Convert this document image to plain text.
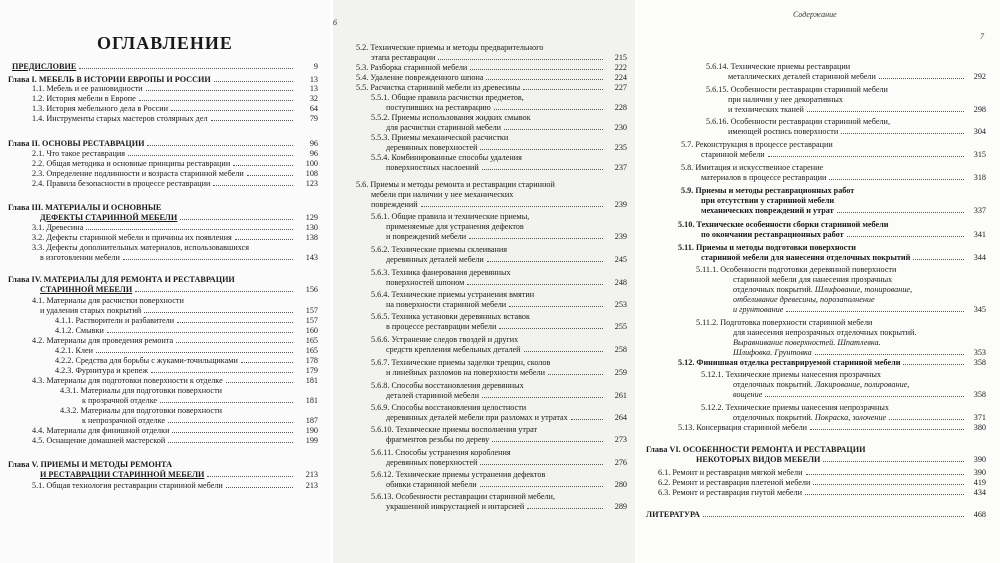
ОГЛАВЛЕНИЕ
ПРЕДИСЛОВИЕ	9
Глава I. МЕБЕЛЬ В ИСТОРИИ ЕВРОПЫ И РОССИИ	13
1.1. Мебель и ее разновидности	13
1.2. История мебели в Европе	32
1.3. История мебельного дела в России	64
1.4. Инструменты старых мастеров столярных дел	79
Глава II. ОСНОВЫ РЕСТАВРАЦИИ	96
2.1. Что такое реставрация	96
2.2. Общая методика и основные принципы реставрации	100
2.3. Определение подлинности и возраста старинной мебели	108
2.4. Правила безопасности в процессе реставрации	123
Глава III. МАТЕРИАЛЫ И ОСНОВНЫЕ
ДЕФЕКТЫ СТАРИННОЙ МЕБЕЛИ	129
3.1. Древесина	130
3.2. Дефекты старинной мебели и причины их появления	138
3.3. Дефекты дополнительных материалов, использовавшихся
в изготовлении мебели	143
Глава IV. МАТЕРИАЛЫ ДЛЯ РЕМОНТА И РЕСТАВРАЦИИ
СТАРИННОЙ МЕБЕЛИ	156
4.1. Материалы для расчистки поверхности
и удаления старых покрытий	157
4.1.1. Растворители и разбавители	157
4.1.2. Смывки	160
4.2. Материалы для проведения ремонта	165
4.2.1. Клеи	165
4.2.2. Средства для борьбы с жуками-точильщиками	178
4.2.3. Фурнитура и крепеж	179
4.3. Материалы для подготовки поверхности к отделке	181
4.3.1. Материалы для подготовки поверхности
к прозрачной отделке	181
4.3.2. Материалы для подготовки поверхности
к непрозрачной отделке	187
4.4. Материалы для финишной отделки	190
4.5. Оснащение домашней мастерской	199
Глава V. ПРИЕМЫ И МЕТОДЫ РЕМОНТА
И РЕСТАВРАЦИИ СТАРИННОЙ МЕБЕЛИ	213
5.1. Общая технология реставрации старинной мебели	213
6
5.2. Технические приемы и методы предварительного
этапа реставрации	215
5.3. Разборка старинной мебели	222
5.4. Удаление поврежденного шпона	224
5.5. Расчистка старинной мебели из древесины	227
5.5.1. Общие правила расчистки предметов,
поступивших на реставрацию	228
5.5.2. Приемы использования жидких смывок
для расчистки старинной мебели	230
5.5.3. Приемы механической расчистки
деревянных поверхностей	235
5.5.4. Комбинированные способы удаления
поверхностных наслоений	237
5.6. Приемы и методы ремонта и реставрации старинной
мебели при наличии у нее механических
повреждений	239
5.6.1. Общие правила и технические приемы,
применяемые для устранения дефектов
и повреждений мебели	239
5.6.2. Технические приемы склеивания
деревянных деталей мебели	245
5.6.3. Техника фанерования деревянных
поверхностей шпоном	248
5.6.4. Технические приемы устранения вмятин
на поверхности старинной мебели	253
5.6.5. Техника установки деревянных вставок
в процессе реставрации мебели	255
5.6.6. Устранение следов гвоздей и других
средств крепления мебельных деталей	258
5.6.7. Технические приемы заделки трещин, сколов
и линейных разломов на поверхности мебели	259
5.6.8. Способы восстановления деревянных
деталей старинной мебели	261
5.6.9. Способы восстановления целостности
деревянных деталей мебели при разломах и утратах	264
5.6.10. Технические приемы восполнения утрат
фрагментов резьбы по дереву	273
5.6.11. Способы устранения коробления
деревянных поверхностей	276
5.6.12. Технические приемы устранения дефектов
обивки старинной мебели	280
5.6.13. Особенности реставрации старинной мебели,
украшенной инкрустацией и интарсией	289
Содержание
7
5.6.14. Технические приемы реставрации
металлических деталей старинной мебели	292
5.6.15. Особенности реставрации старинной мебели
при наличии у нее декоративных
и технических тканей	298
5.6.16. Особенности реставрации старинной мебели,
имеющей роспись поверхности	304
5.7. Реконструкция в процессе реставрации
старинной мебели	315
5.8. Имитация и искусственное старение
материалов в процессе реставрации	318
5.9. Приемы и методы реставрационных работ
при отсутствии у старинной мебели
механических повреждений и утрат	337
5.10. Технические особенности сборки старинной мебели
по окончании реставрационных работ	341
5.11. Приемы и методы подготовки поверхности
старинной мебели для нанесения отделочных покрытий	344
5.11.1. Особенности подготовки деревянной поверхности
старинной мебели для нанесения прозрачных
отделочных покрытий. Шлифование, тонирование,
отбеливание древесины, порозаполнение
и грунтование	345
5.11.2. Подготовка поверхности старинной мебели
для нанесения непрозрачных отделочных покрытий.
Выравнивание поверхностей. Шпатлевка.
Шлифовка. Грунтовка	353
5.12. Финишная отделка реставрируемой старинной мебели	358
5.12.1. Технические приемы нанесения прозрачных
отделочных покрытий. Лакирование, полирование,
вощение	358
5.12.2. Технические приемы нанесения непрозрачных
отделочных покрытий. Покраска, золочение	371
5.13. Консервация старинной мебели	380
Глава VI. ОСОБЕННОСТИ РЕМОНТА И РЕСТАВРАЦИИ
НЕКОТОРЫХ ВИДОВ МЕБЕЛИ	390
6.1. Ремонт и реставрация мягкой мебели	390
6.2. Ремонт и реставрация плетеной мебели	419
6.3. Ремонт и реставрация гнутой мебели	434
ЛИТЕРАТУРА	468
